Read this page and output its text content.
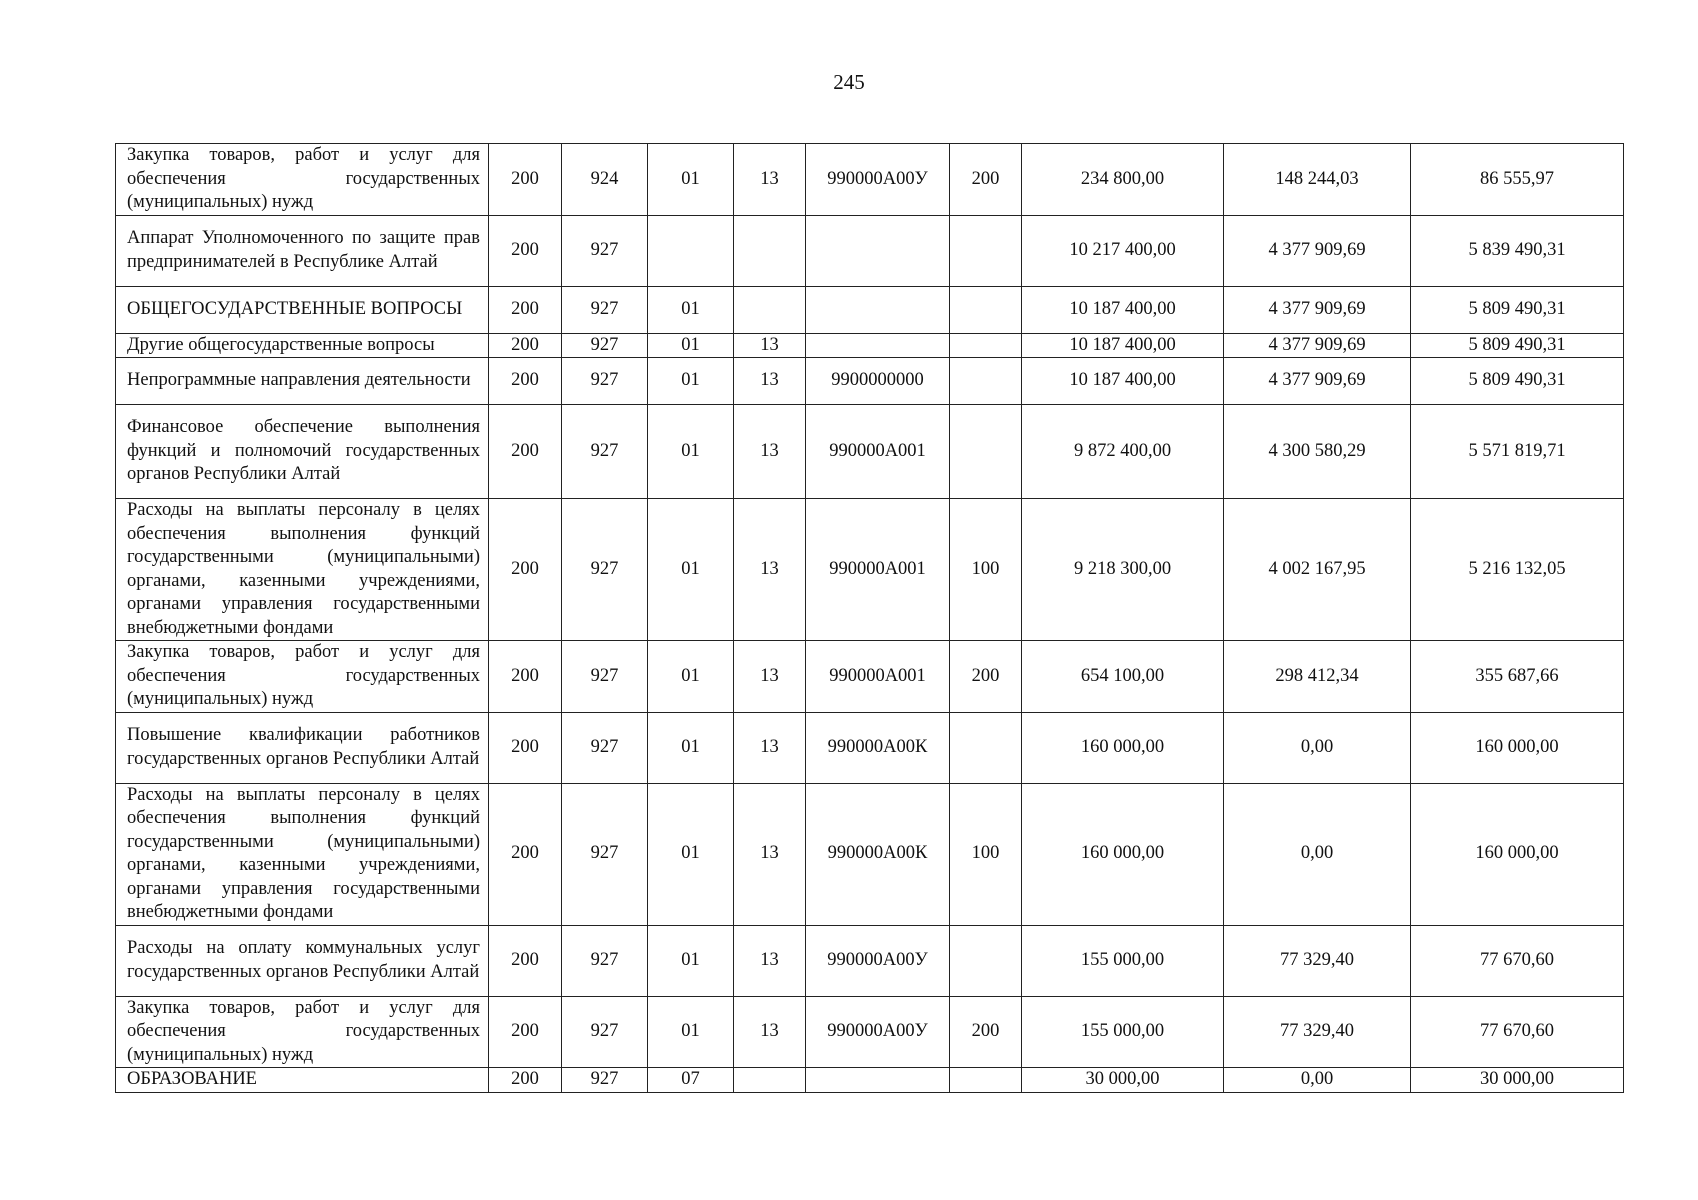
245
Закупка товаров, работ и услуг для обеспечения государственных (муниципальных) нужд	200	924	01	13	990000А00У	200	234 800,00	148 244,03	86 555,97
Аппарат Уполномоченного по защите прав предпринимателей в Республике Алтай	200	927					10 217 400,00	4 377 909,69	5 839 490,31
ОБЩЕГОСУДАРСТВЕННЫЕ ВОПРОСЫ	200	927	01				10 187 400,00	4 377 909,69	5 809 490,31
Другие общегосударственные вопросы	200	927	01	13			10 187 400,00	4 377 909,69	5 809 490,31
Непрограммные направления деятельности	200	927	01	13	9900000000		10 187 400,00	4 377 909,69	5 809 490,31
Финансовое обеспечение выполнения функций и полномочий государственных органов Республики Алтай	200	927	01	13	990000А001		9 872 400,00	4 300 580,29	5 571 819,71
Расходы на выплаты персоналу в целях обеспечения выполнения функций государственными (муниципальными) органами, казенными учреждениями, органами управления государственными внебюджетными фондами	200	927	01	13	990000А001	100	9 218 300,00	4 002 167,95	5 216 132,05
Закупка товаров, работ и услуг для обеспечения государственных (муниципальных) нужд	200	927	01	13	990000А001	200	654 100,00	298 412,34	355 687,66
Повышение квалификации работников государственных органов Республики Алтай	200	927	01	13	990000А00К		160 000,00	0,00	160 000,00
Расходы на выплаты персоналу в целях обеспечения выполнения функций государственными (муниципальными) органами, казенными учреждениями, органами управления государственными внебюджетными фондами	200	927	01	13	990000А00К	100	160 000,00	0,00	160 000,00
Расходы на оплату коммунальных услуг государственных органов Республики Алтай	200	927	01	13	990000А00У		155 000,00	77 329,40	77 670,60
Закупка товаров, работ и услуг для обеспечения государственных (муниципальных) нужд	200	927	01	13	990000А00У	200	155 000,00	77 329,40	77 670,60
ОБРАЗОВАНИЕ	200	927	07				30 000,00	0,00	30 000,00
